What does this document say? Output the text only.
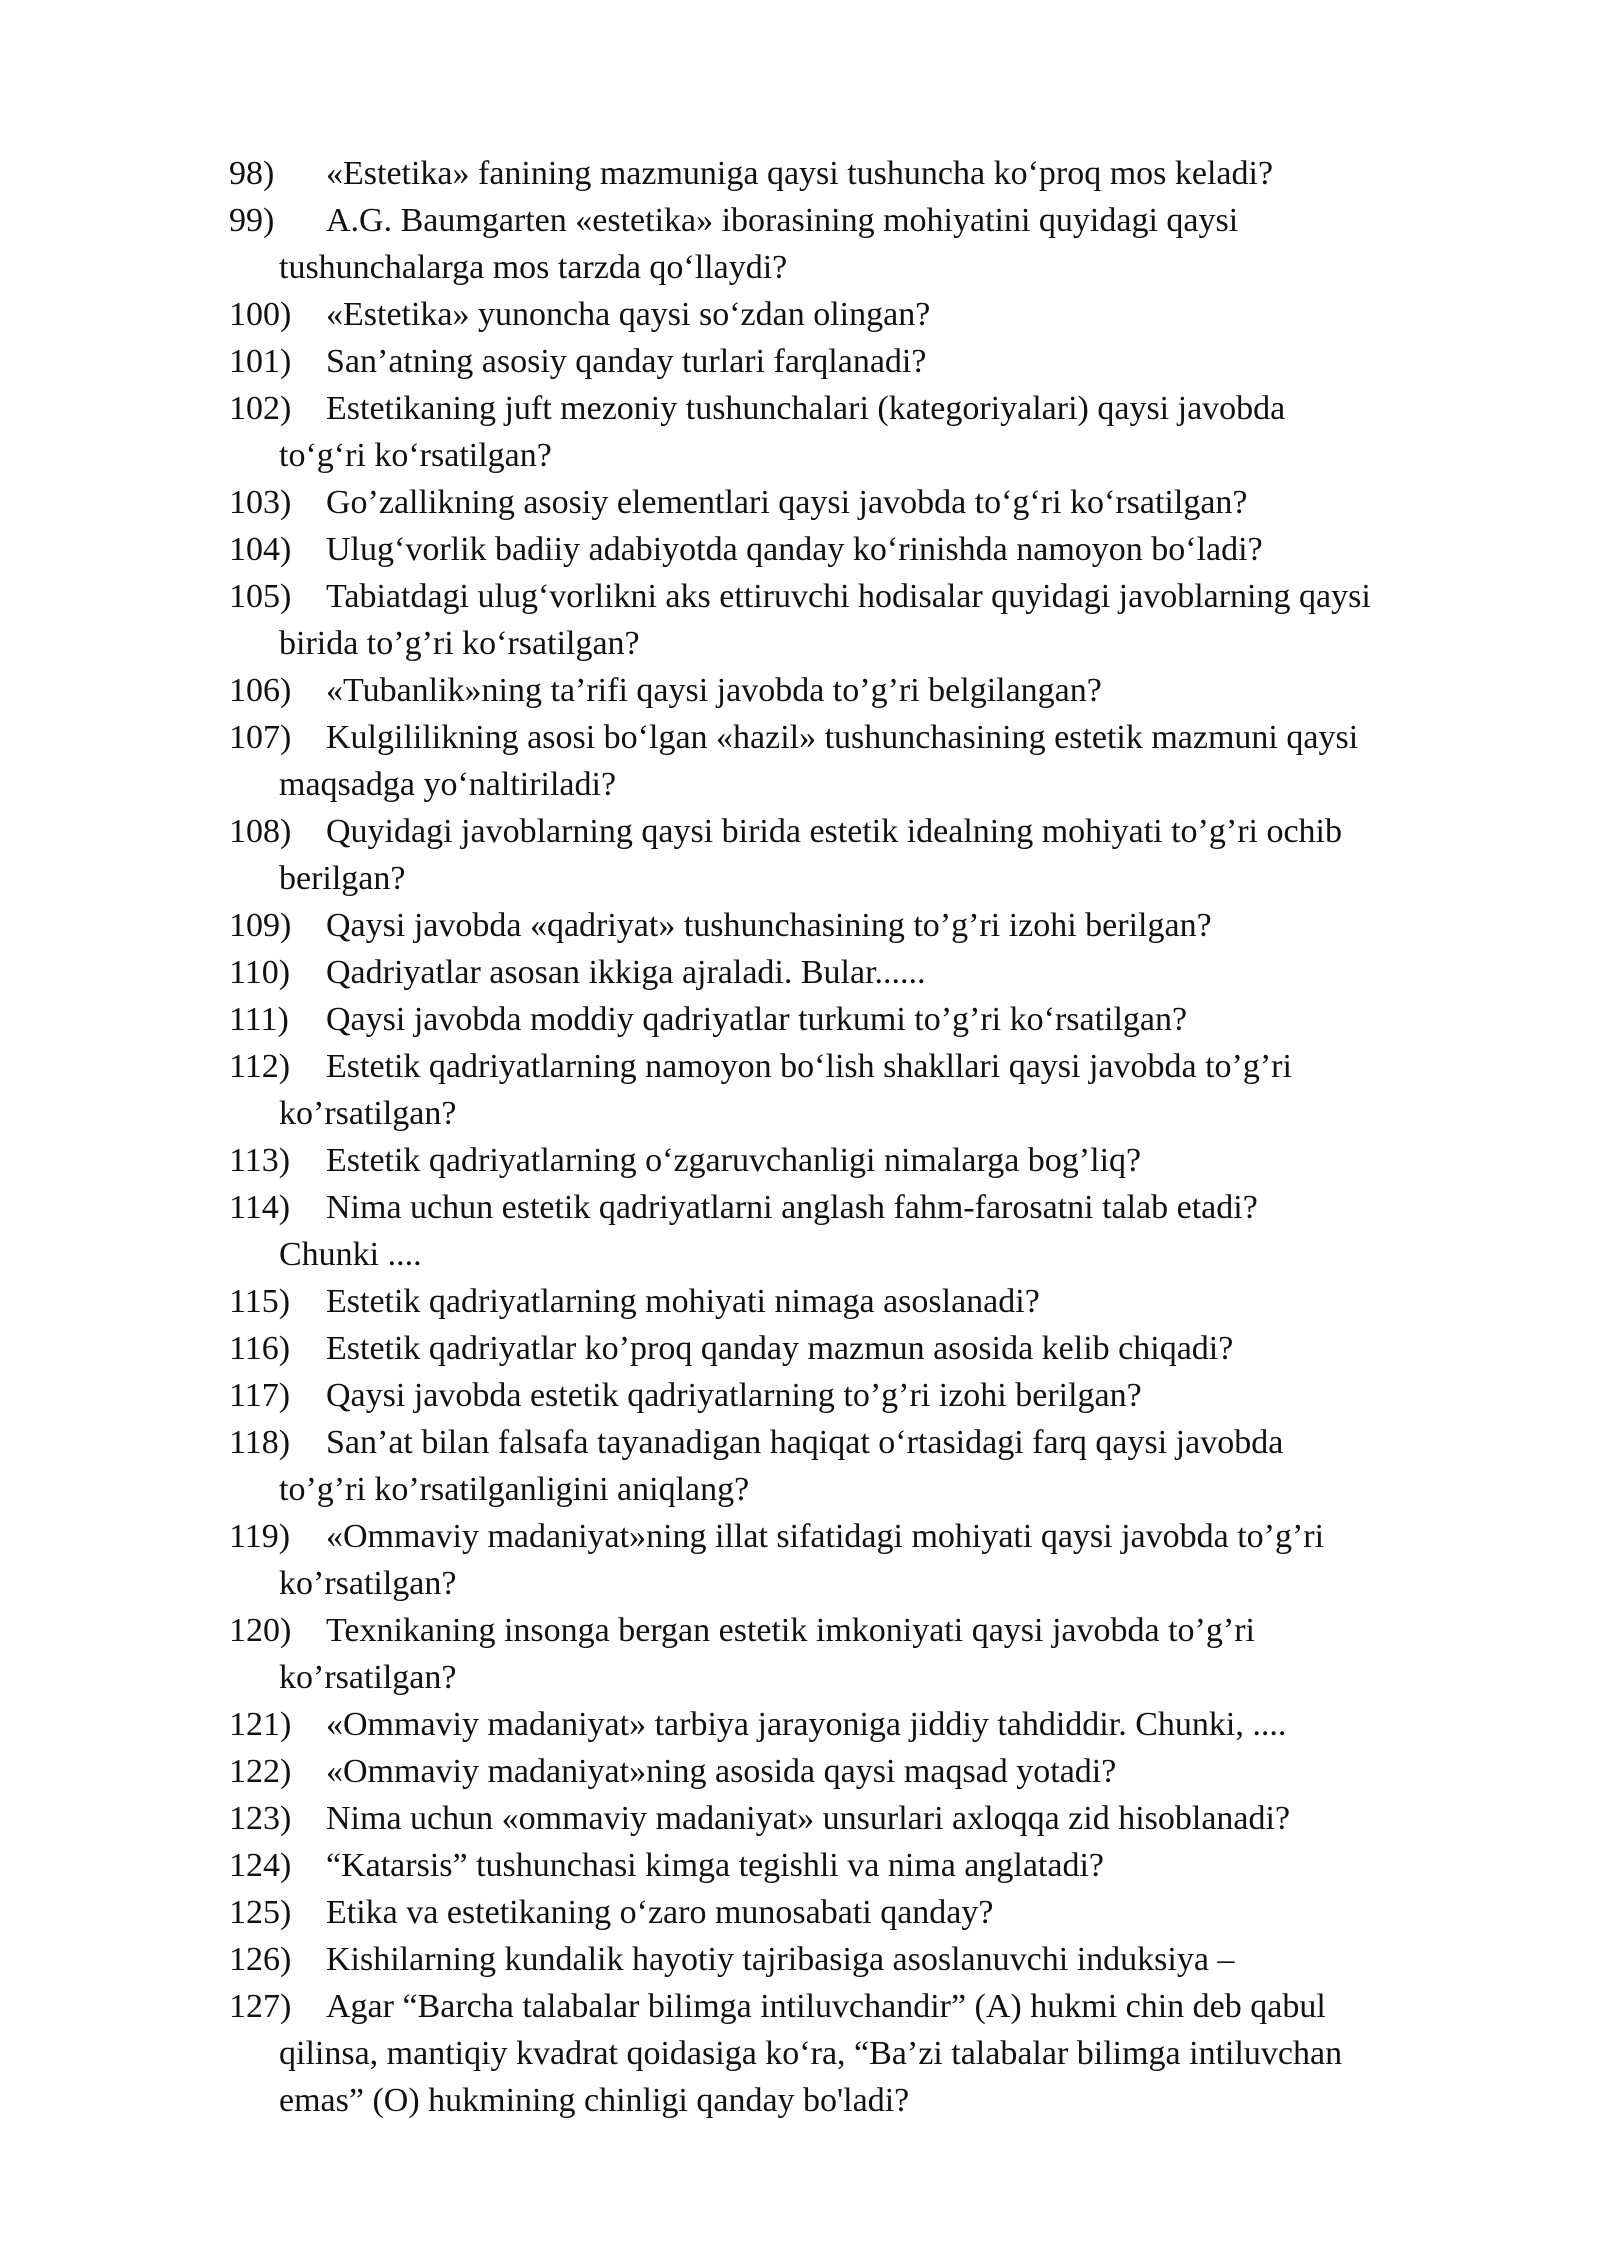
98)	«Estetika» fanining mazmuniga qaysi tushuncha ko‘proq mos keladi?
99)	A.G. Baumgarten «estetika» iborasining mohiyatini quyidagi qaysi
tushunchalarga mos tarzda qo‘llaydi?
100)	«Estetika» yunoncha qaysi so‘zdan olingan?
101)	San’atning asosiy qanday turlari farqlanadi?
102)	Estetikaning juft mezoniy tushunchalari (kategoriyalari) qaysi javobda
to‘g‘ri ko‘rsatilgan?
103)	Go’zallikning asosiy elementlari qaysi javobda to‘g‘ri ko‘rsatilgan?
104)	Ulug‘vorlik badiiy adabiyotda qanday ko‘rinishda namoyon bo‘ladi?
105)	Tabiatdagi ulug‘vorlikni aks ettiruvchi hodisalar quyidagi javoblarning qaysi
birida to’g’ri ko‘rsatilgan?
106)	«Tubanlik»ning ta’rifi qaysi javobda to’g’ri belgilangan?
107)	Kulgililikning asosi bo‘lgan «hazil» tushunchasining estetik mazmuni qaysi
maqsadga yo‘naltiriladi?
108)	Quyidagi javoblarning qaysi birida estetik idealning mohiyati to’g’ri ochib
berilgan?
109)	Qaysi javobda «qadriyat» tushunchasining to’g’ri izohi berilgan?
110)	Qadriyatlar asosan ikkiga ajraladi. Bular......
111)	Qaysi javobda moddiy qadriyatlar turkumi to’g’ri ko‘rsatilgan?
112)	Estetik qadriyatlarning namoyon bo‘lish shakllari qaysi javobda to’g’ri
ko’rsatilgan?
113)	Estetik qadriyatlarning o‘zgaruvchanligi nimalarga bog’liq?
114)	Nima uchun estetik qadriyatlarni anglash fahm-farosatni talab etadi?
Chunki ....
115)	Estetik qadriyatlarning mohiyati nimaga asoslanadi?
116)	Estetik qadriyatlar ko’proq qanday mazmun asosida kelib chiqadi?
117)	Qaysi javobda estetik qadriyatlarning to’g’ri izohi berilgan?
118)	San’at bilan falsafa tayanadigan haqiqat o‘rtasidagi farq qaysi javobda
to’g’ri ko’rsatilganligini aniqlang?
119)	«Ommaviy madaniyat»ning illat sifatidagi mohiyati qaysi javobda to’g’ri
ko’rsatilgan?
120)	Texnikaning insonga bergan estetik imkoniyati qaysi javobda to’g’ri
ko’rsatilgan?
121)	«Ommaviy madaniyat» tarbiya jarayoniga jiddiy tahdiddir. Chunki, ....
122)	«Ommaviy madaniyat»ning asosida qaysi maqsad yotadi?
123)	Nima uchun «ommaviy madaniyat» unsurlari axloqqa zid hisoblanadi?
124)	“Katarsis” tushunchasi kimga tegishli va nima anglatadi?
125)	Etika va estetikaning o‘zaro munosabati qanday?
126)	Kishilarning kundalik hayotiy tajribasiga asoslanuvchi induksiya –
127)	Agar “Barcha talabalar bilimga intiluvchandir” (A) hukmi chin deb qabul
qilinsa, mantiqiy kvadrat qoidasiga ko‘ra, “Ba’zi talabalar bilimga intiluvchan
emas” (O) hukmining chinligi qanday bo'ladi?
